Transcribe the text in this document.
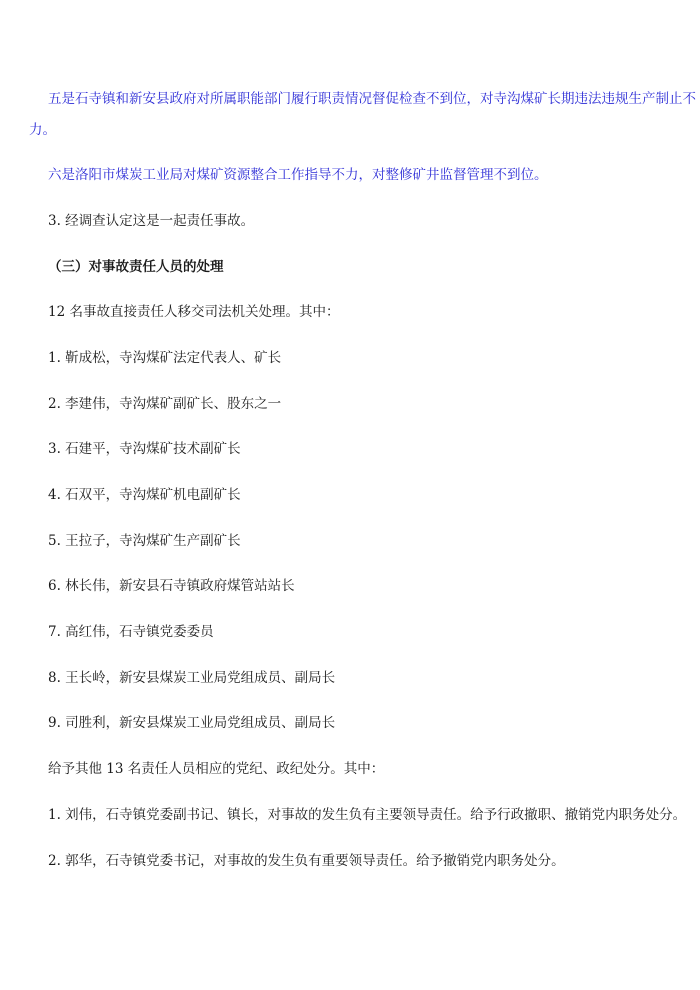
五是石寺镇和新安县政府对所属职能部门履行职责情况督促检查不到位，对寺沟煤矿长期违法违规生产制止不
力。
六是洛阳市煤炭工业局对煤矿资源整合工作指导不力，对整修矿井监督管理不到位。
3. 经调查认定这是一起责任事故。
（三）对事故责任人员的处理
12 名事故直接责任人移交司法机关处理。其中：
1. 靳成松，寺沟煤矿法定代表人、矿长
2. 李建伟，寺沟煤矿副矿长、股东之一
3. 石建平，寺沟煤矿技术副矿长
4. 石双平，寺沟煤矿机电副矿长
5. 王拉子，寺沟煤矿生产副矿长
6. 林长伟，新安县石寺镇政府煤管站站长
7. 高红伟，石寺镇党委委员
8. 王长岭，新安县煤炭工业局党组成员、副局长
9. 司胜利，新安县煤炭工业局党组成员、副局长
给予其他 13 名责任人员相应的党纪、政纪处分。其中：
1. 刘伟，石寺镇党委副书记、镇长，对事故的发生负有主要领导责任。给予行政撤职、撤销党内职务处分。
2. 郭华，石寺镇党委书记，对事故的发生负有重要领导责任。给予撤销党内职务处分。
